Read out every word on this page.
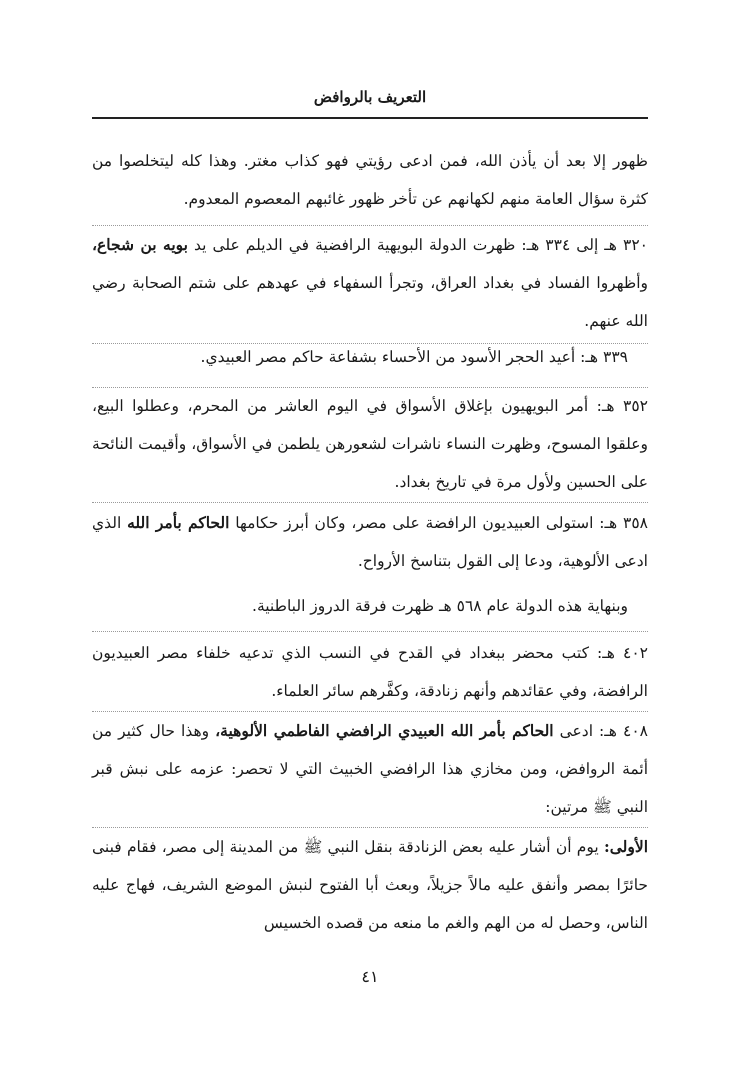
التعريف بالروافض

ظهور إلا بعد أن يأذن الله، فمن ادعى رؤيتي فهو كذاب مغتر. وهذا كله ليتخلصوا من كثرة سؤال العامة منهم لكهانهم عن تأخر ظهور غائبهم المعصوم المعدوم.

٣٢٠ هـ إلى ٣٣٤ هـ: ظهرت الدولة البويهية الرافضية في الديلم على يد بويه بن شجاع، وأظهروا الفساد في بغداد العراق، وتجرأ السفهاء في عهدهم على شتم الصحابة رضي الله عنهم.

٣٣٩ هـ: أعيد الحجر الأسود من الأحساء بشفاعة حاكم مصر العبيدي.

٣٥٢ هـ: أمر البويهيون بإغلاق الأسواق في اليوم العاشر من المحرم، وعطلوا البيع، وعلقوا المسوح، وظهرت النساء ناشرات لشعورهن يلطمن في الأسواق، وأقيمت النائحة على الحسين ولأول مرة في تاريخ بغداد.

٣٥٨ هـ: استولى العبيديون الرافضة على مصر، وكان أبرز حكامها الحاكم بأمر الله الذي ادعى الألوهية، ودعا إلى القول بتناسخ الأرواح.

وبنهاية هذه الدولة عام ٥٦٨ هـ ظهرت فرقة الدروز الباطنية.

٤٠٢ هـ: كتب محضر ببغداد في القدح في النسب الذي تدعيه خلفاء مصر العبيديون الرافضة، وفي عقائدهم وأنهم زنادقة، وكفَّرهم سائر العلماء.

٤٠٨ هـ: ادعى الحاكم بأمر الله العبيدي الرافضي الفاطمي الألوهية، وهذا حال كثير من أئمة الروافض، ومن مخازي هذا الرافضي الخبيث التي لا تحصر: عزمه على نبش قبر النبي ﷺ مرتين:

الأولى: يوم أن أشار عليه بعض الزنادقة بنقل النبي ﷺ من المدينة إلى مصر، فقام فبنى حائرًا بمصر وأنفق عليه مالاً جزيلاً، وبعث أبا الفتوح لنبش الموضع الشريف، فهاج عليه الناس، وحصل له من الهم والغم ما منعه من قصده الخسيس

٤١
